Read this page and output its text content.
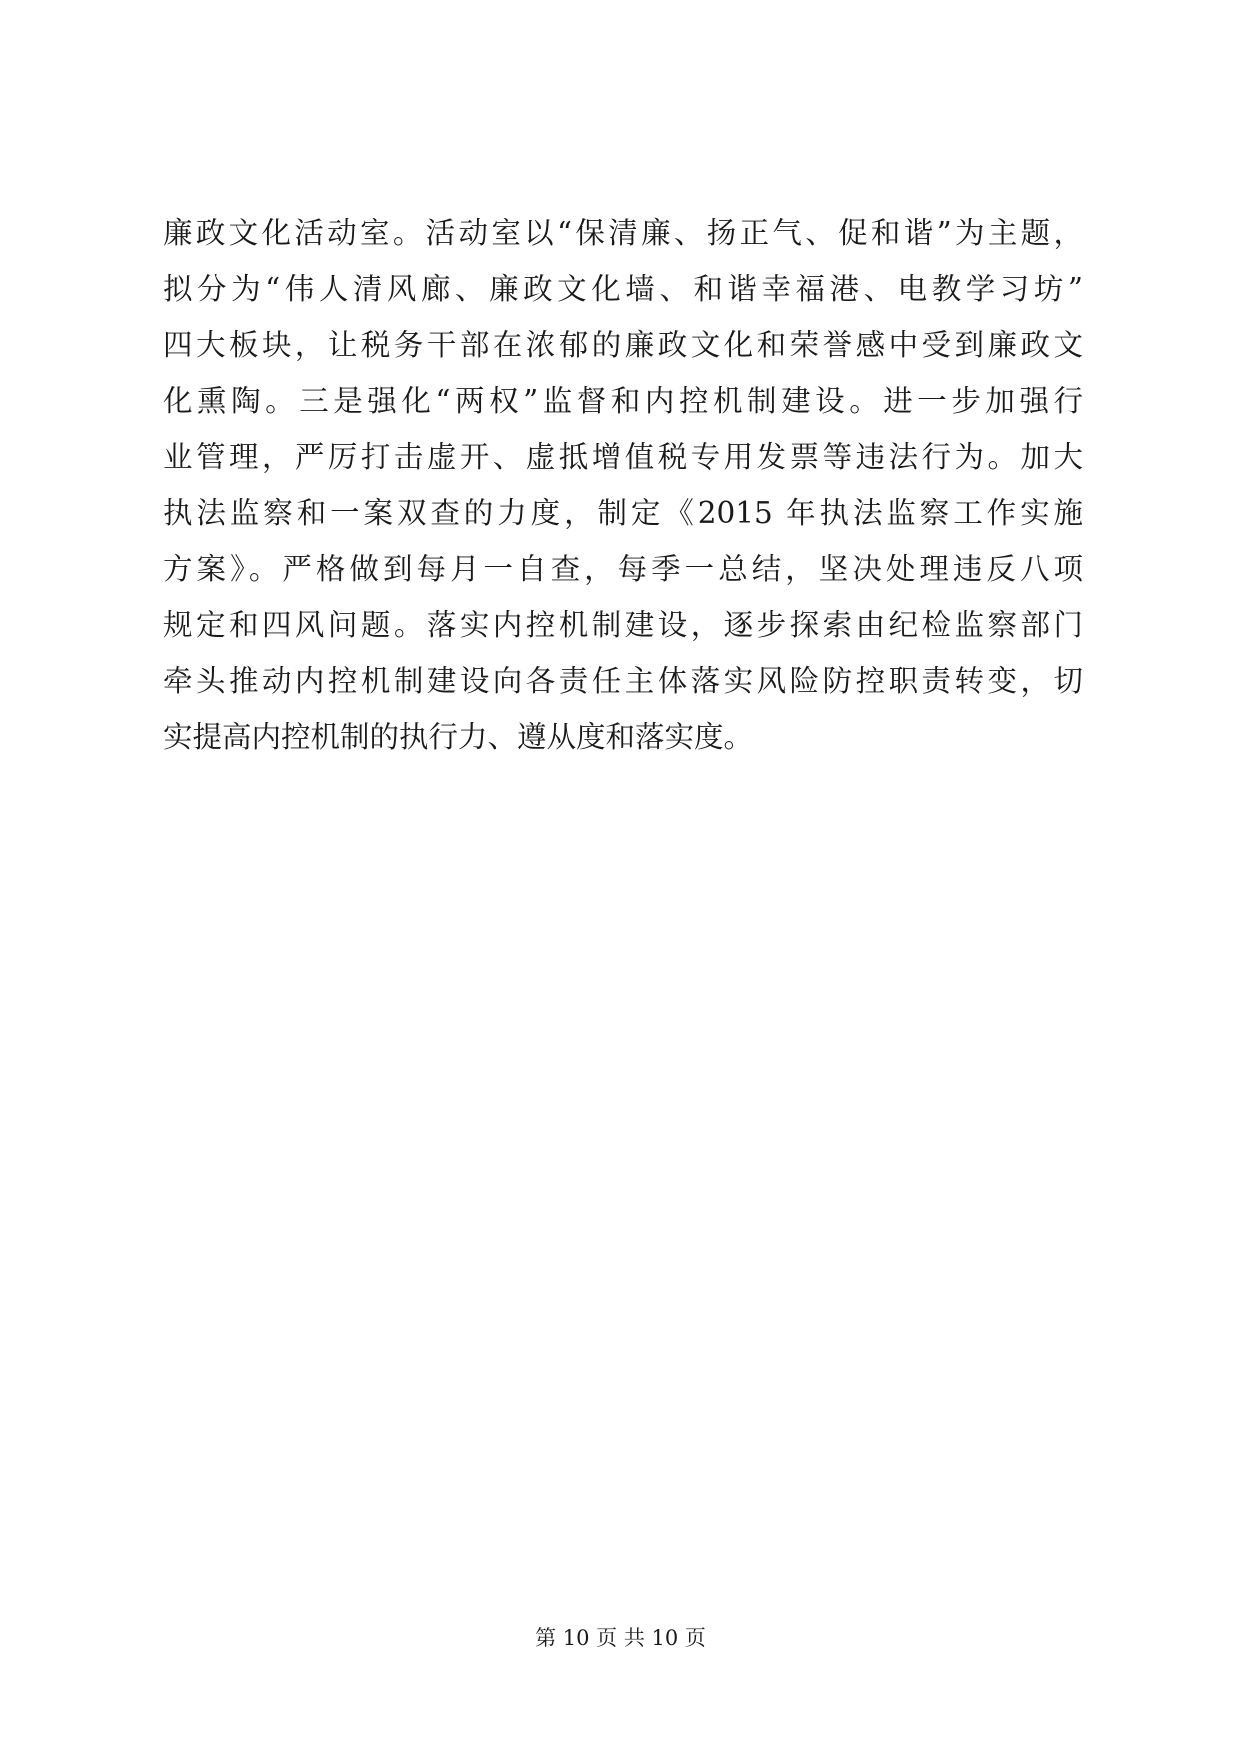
廉政文化活动室。活动室以“保清廉、扬正气、促和谐”为主题，
拟分为“伟人清风廊、廉政文化墙、和谐幸福港、电教学习坊”
四大板块，让税务干部在浓郁的廉政文化和荣誉感中受到廉政文
化熏陶。三是强化“两权”监督和内控机制建设。进一步加强行
业管理，严厉打击虚开、虚抵增值税专用发票等违法行为。加大
执法监察和一案双查的力度，制定《2015 年执法监察工作实施
方案》。严格做到每月一自查，每季一总结，坚决处理违反八项
规定和四风问题。落实内控机制建设，逐步探索由纪检监察部门
牵头推动内控机制建设向各责任主体落实风险防控职责转变，切
实提高内控机制的执行力、遵从度和落实度。
第 10 页 共 10 页
